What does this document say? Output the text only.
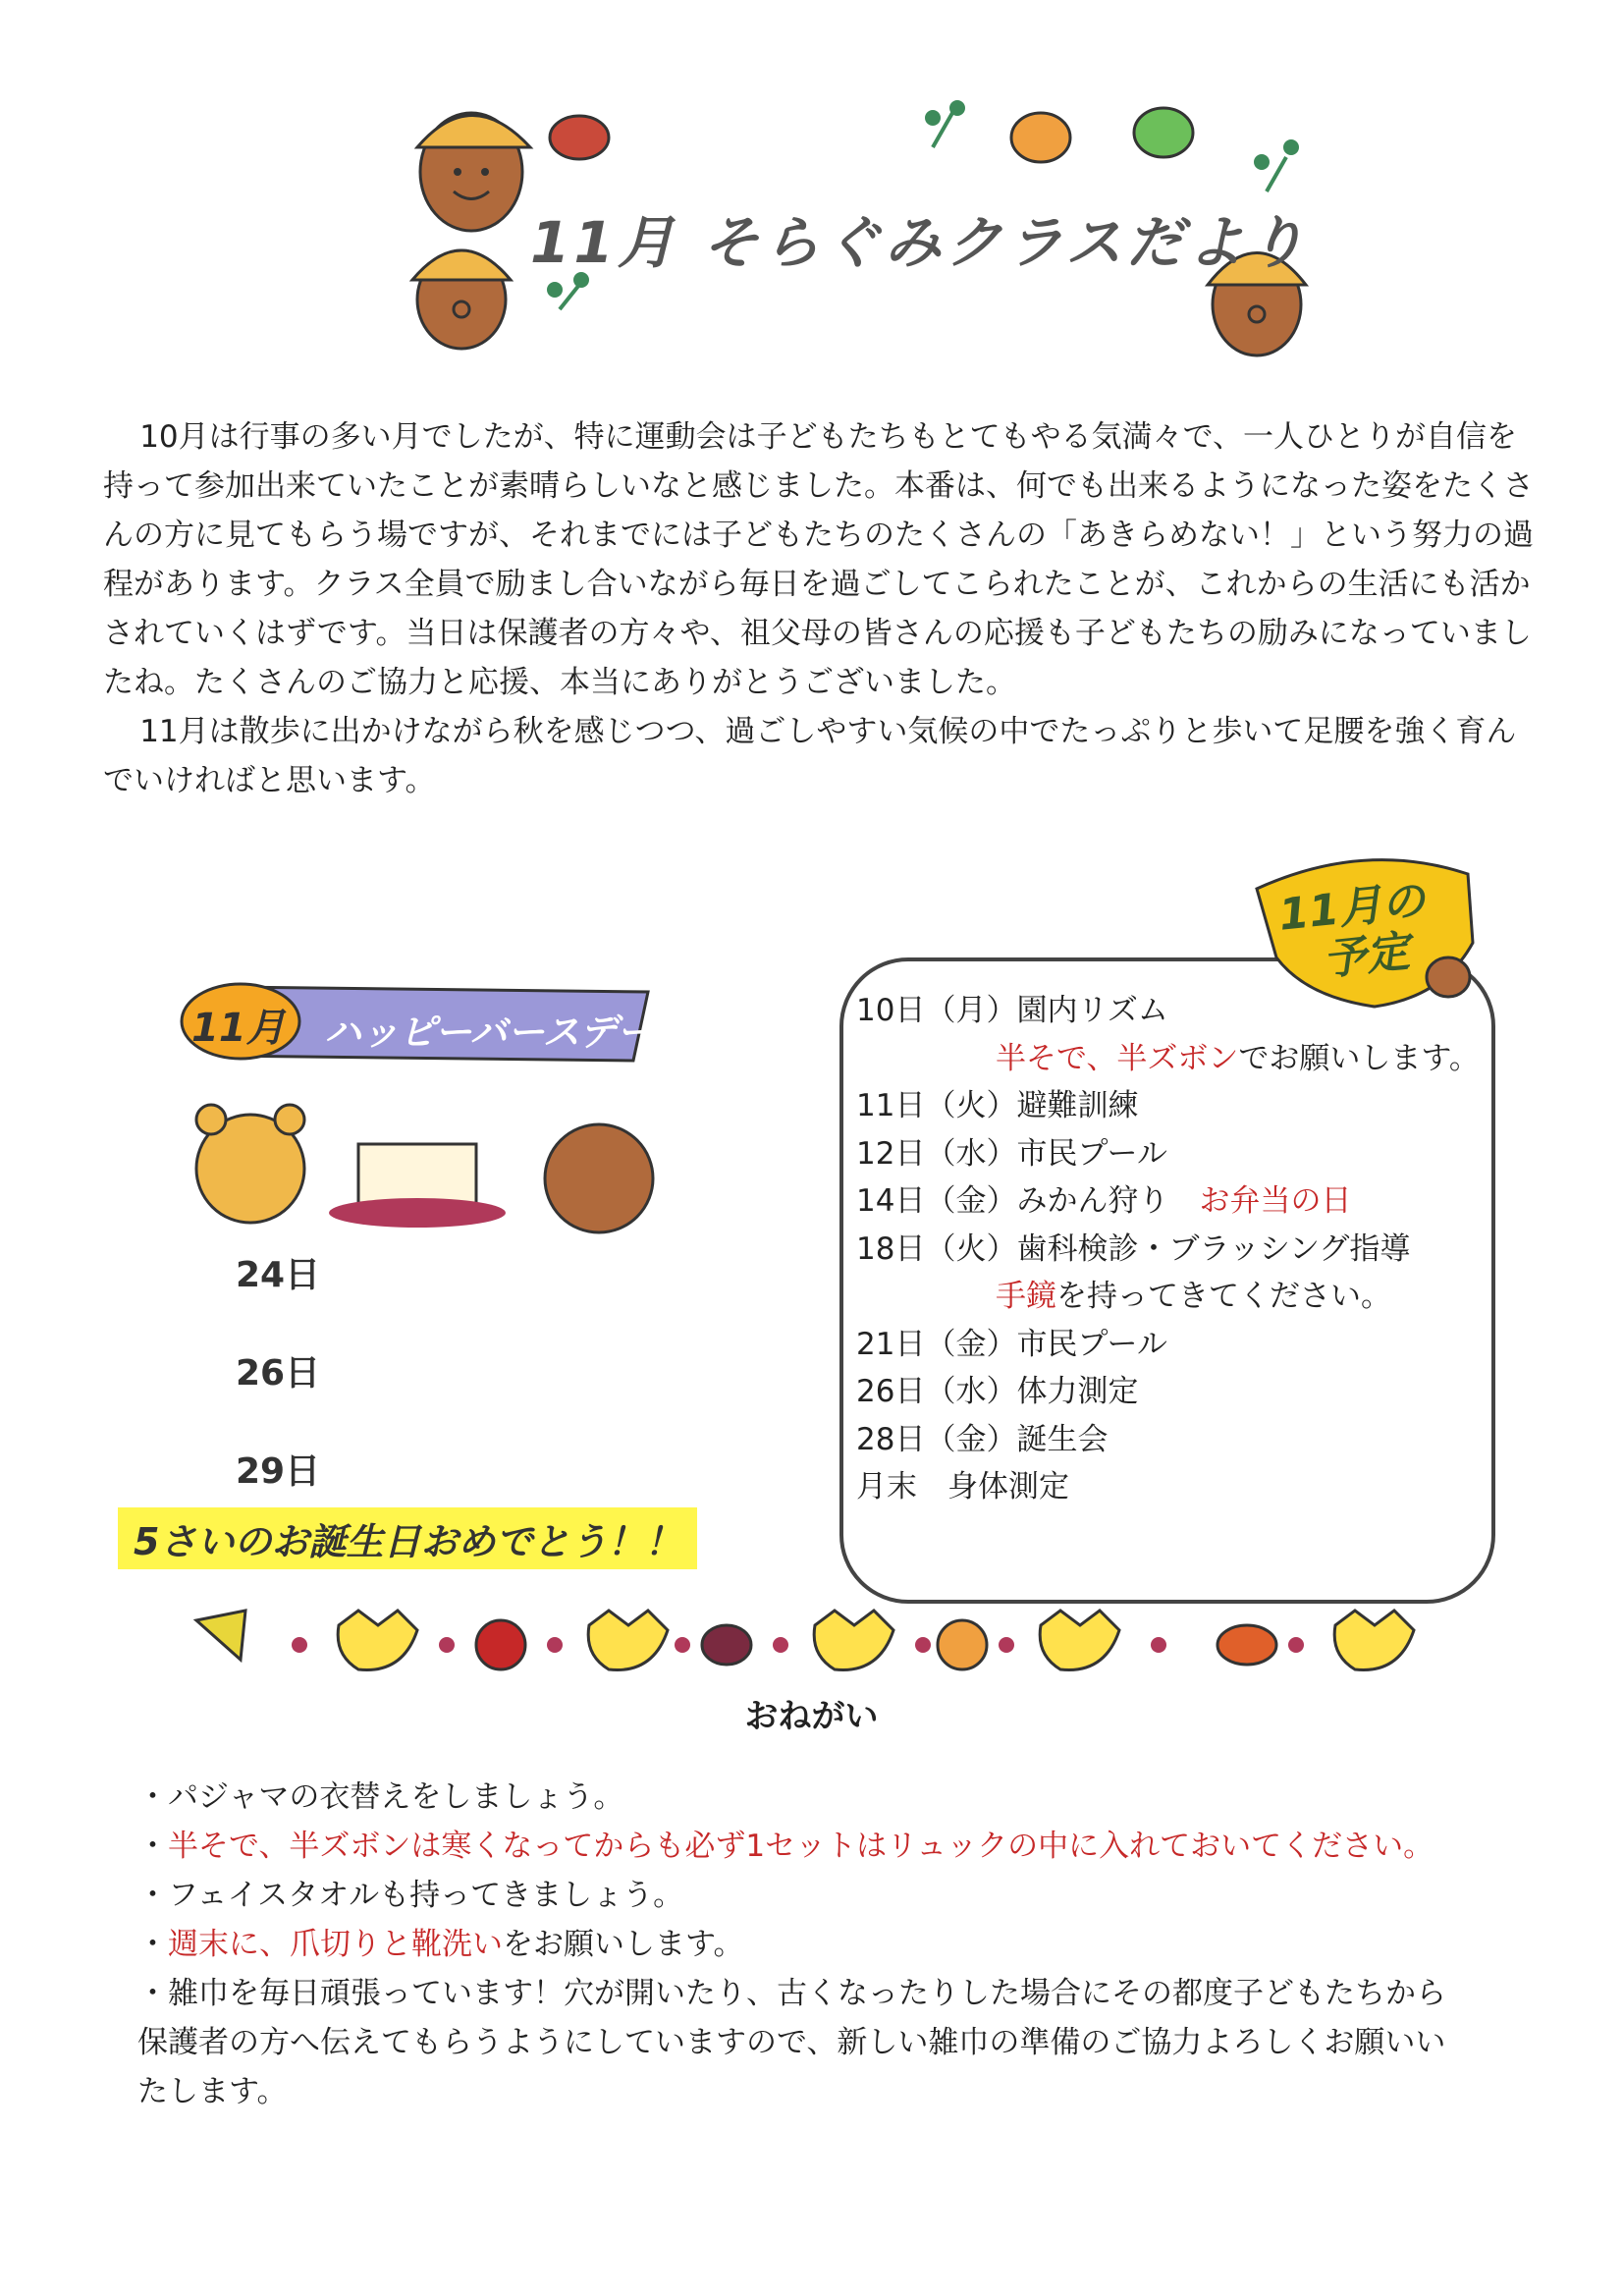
11月 そらぐみクラスだより

10月は行事の多い月でしたが、特に運動会は子どもたちもとてもやる気満々で、一人ひとりが自信を持って参加出来ていたことが素晴らしいなと感じました。本番は、何でも出来るようになった姿をたくさんの方に見てもらう場ですが、それまでには子どもたちのたくさんの「あきらめない！」という努力の過程があります。クラス全員で励まし合いながら毎日を過ごしてこられたことが、これからの生活にも活かされていくはずです。当日は保護者の方々や、祖父母の皆さんの応援も子どもたちの励みになっていましたね。たくさんのご協力と応援、本当にありがとうございました。

11月は散歩に出かけながら秋を感じつつ、過ごしやすい気候の中でたっぷりと歩いて足腰を強く育んでいければと思います。

11月 ハッピーバースデー
24日
26日
29日
5さいのお誕生日おめでとう！！
11月の
予定
10日（月）園内リズム
半そで、半ズボンでお願いします。
11日（火）避難訓練
12日（水）市民プール
14日（金）みかん狩り　 お弁当の日
18日（火）歯科検診・ブラッシング指導
手鏡を持ってきてください。
21日（金）市民プール
26日（水）体力測定
28日（金）誕生会
月末　身体測定
おねがい

・パジャマの衣替えをしましょう。

・半そで、半ズボンは寒くなってからも必ず1セットはリュックの中に入れておいてください。

・フェイスタオルも持ってきましょう。

・週末に、爪切りと靴洗いをお願いします。

・雑巾を毎日頑張っています！穴が開いたり、古くなったりした場合にその都度子どもたちから保護者の方へ伝えてもらうようにしていますので、新しい雑巾の準備のご協力よろしくお願いいたします。
